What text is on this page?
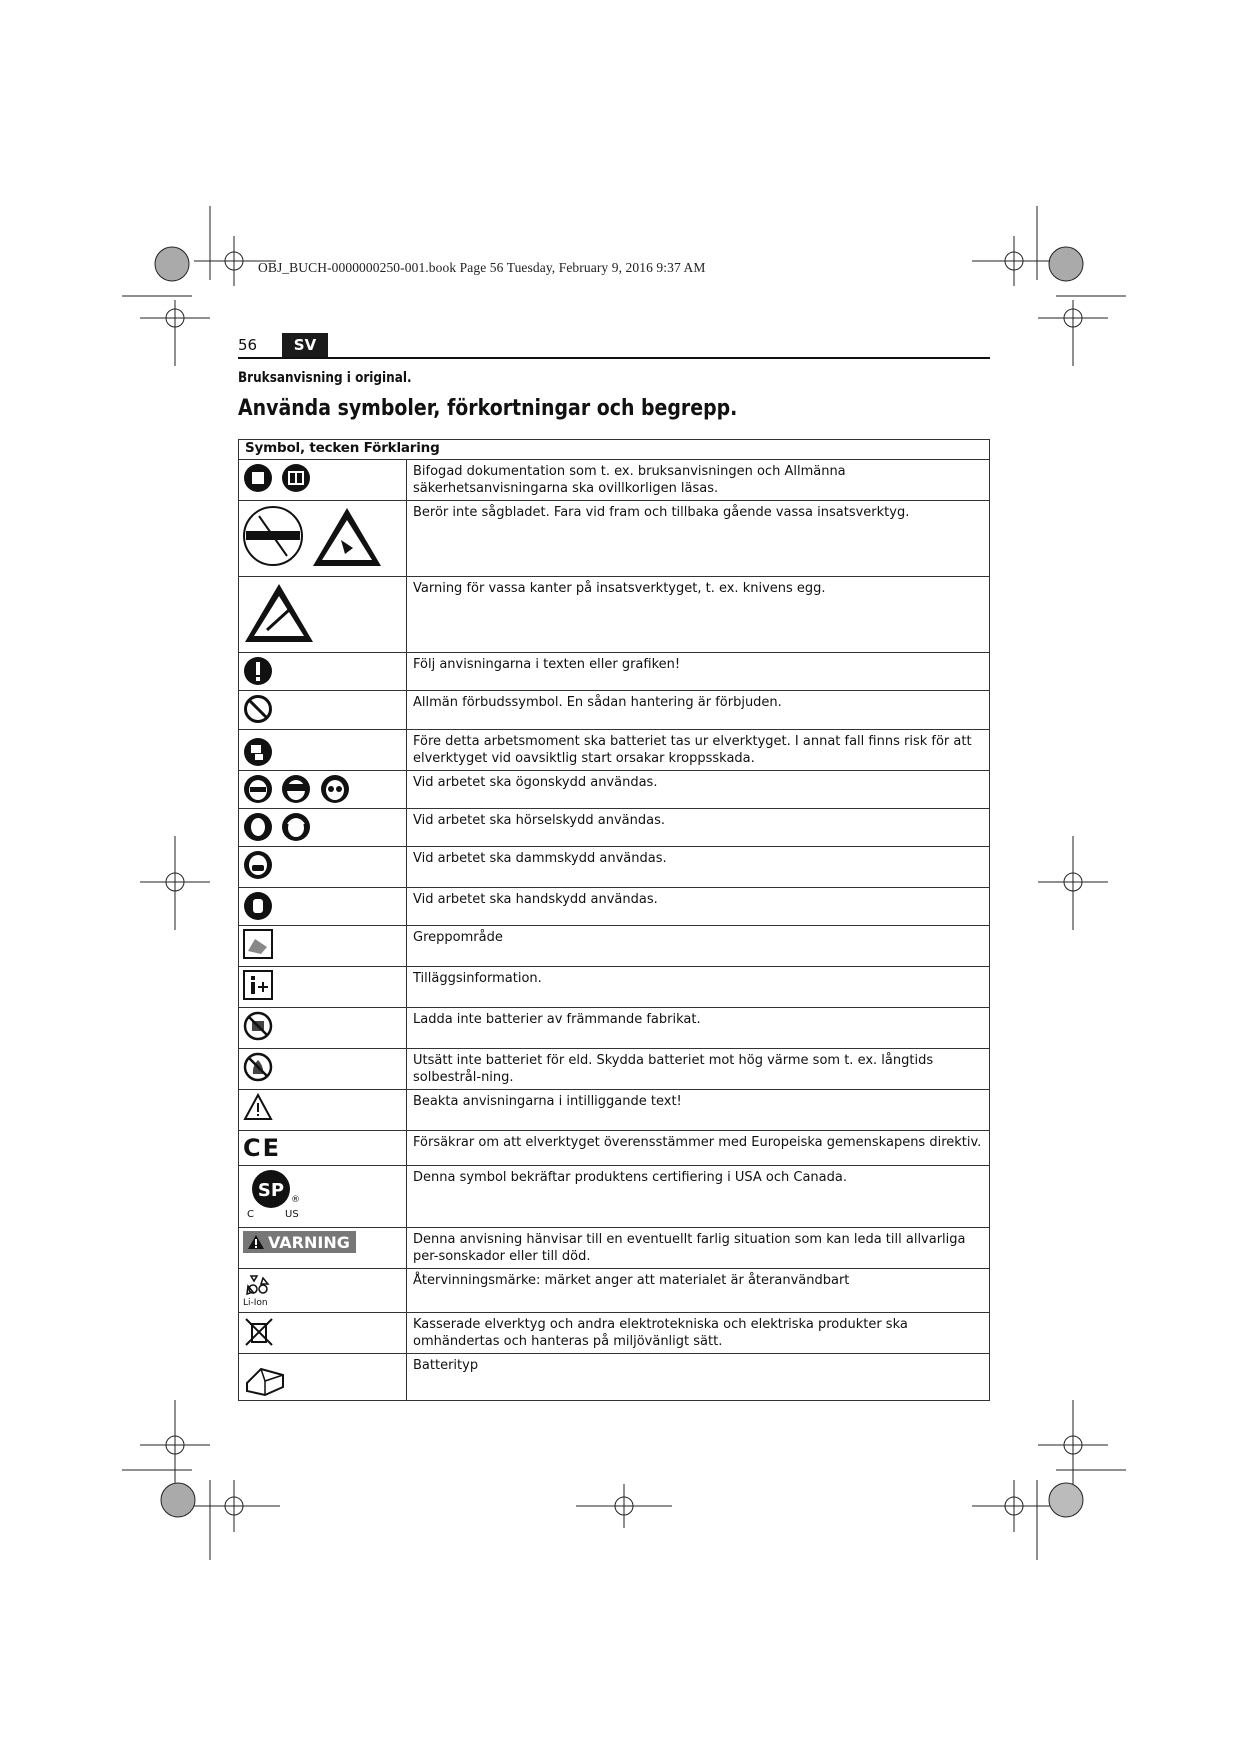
OBJ_BUCH-0000000250-001.book Page 56 Tuesday, February 9, 2016 9:37 AM
56	SV
Bruksanvisning i original.
Använda symboler, förkortningar och begrepp.
Symbol, tecken Förklaring	
	Bifogad dokumentation som t. ex. bruksanvisningen och Allmänna säkerhetsanvisningarna ska ovillkorligen läsas.
	Berör inte sågbladet. Fara vid fram och tillbaka gående vassa insatsverktyg.
	Varning för vassa kanter på insatsverktyget, t. ex. knivens egg.
	Följ anvisningarna i texten eller grafiken!
	Allmän förbudssymbol. En sådan hantering är förbjuden.
	Före detta arbetsmoment ska batteriet tas ur elverktyget. I annat fall finns risk för att elverktyget vid oavsiktlig start orsakar kroppsskada.
	Vid arbetet ska ögonskydd användas.
	Vid arbetet ska hörselskydd användas.
	Vid arbetet ska dammskydd användas.
	Vid arbetet ska handskydd användas.
	Greppområde
	Tilläggsinformation.
	Ladda inte batterier av främmande fabrikat.
	Utsätt inte batteriet för eld. Skydda batteriet mot hög värme som t. ex. långtids solbestrål-ning.
	Beakta anvisningarna i intilliggande text!
CE	Försäkrar om att elverktyget överensstämmer med Europeiska gemenskapens direktiv.

SP
C US
®	Denna symbol bekräftar produktens certifiering i USA och Canada.

VARNING	Denna anvisning hänvisar till en eventuellt farlig situation som kan leda till allvarliga per-sonskador eller till död.

Li-Ion	Återvinningsmärke: märket anger att materialet är återanvändbart
	Kasserade elverktyg och andra elektrotekniska och elektriska produkter ska omhändertas och hanteras på miljövänligt sätt.
	Batterityp
